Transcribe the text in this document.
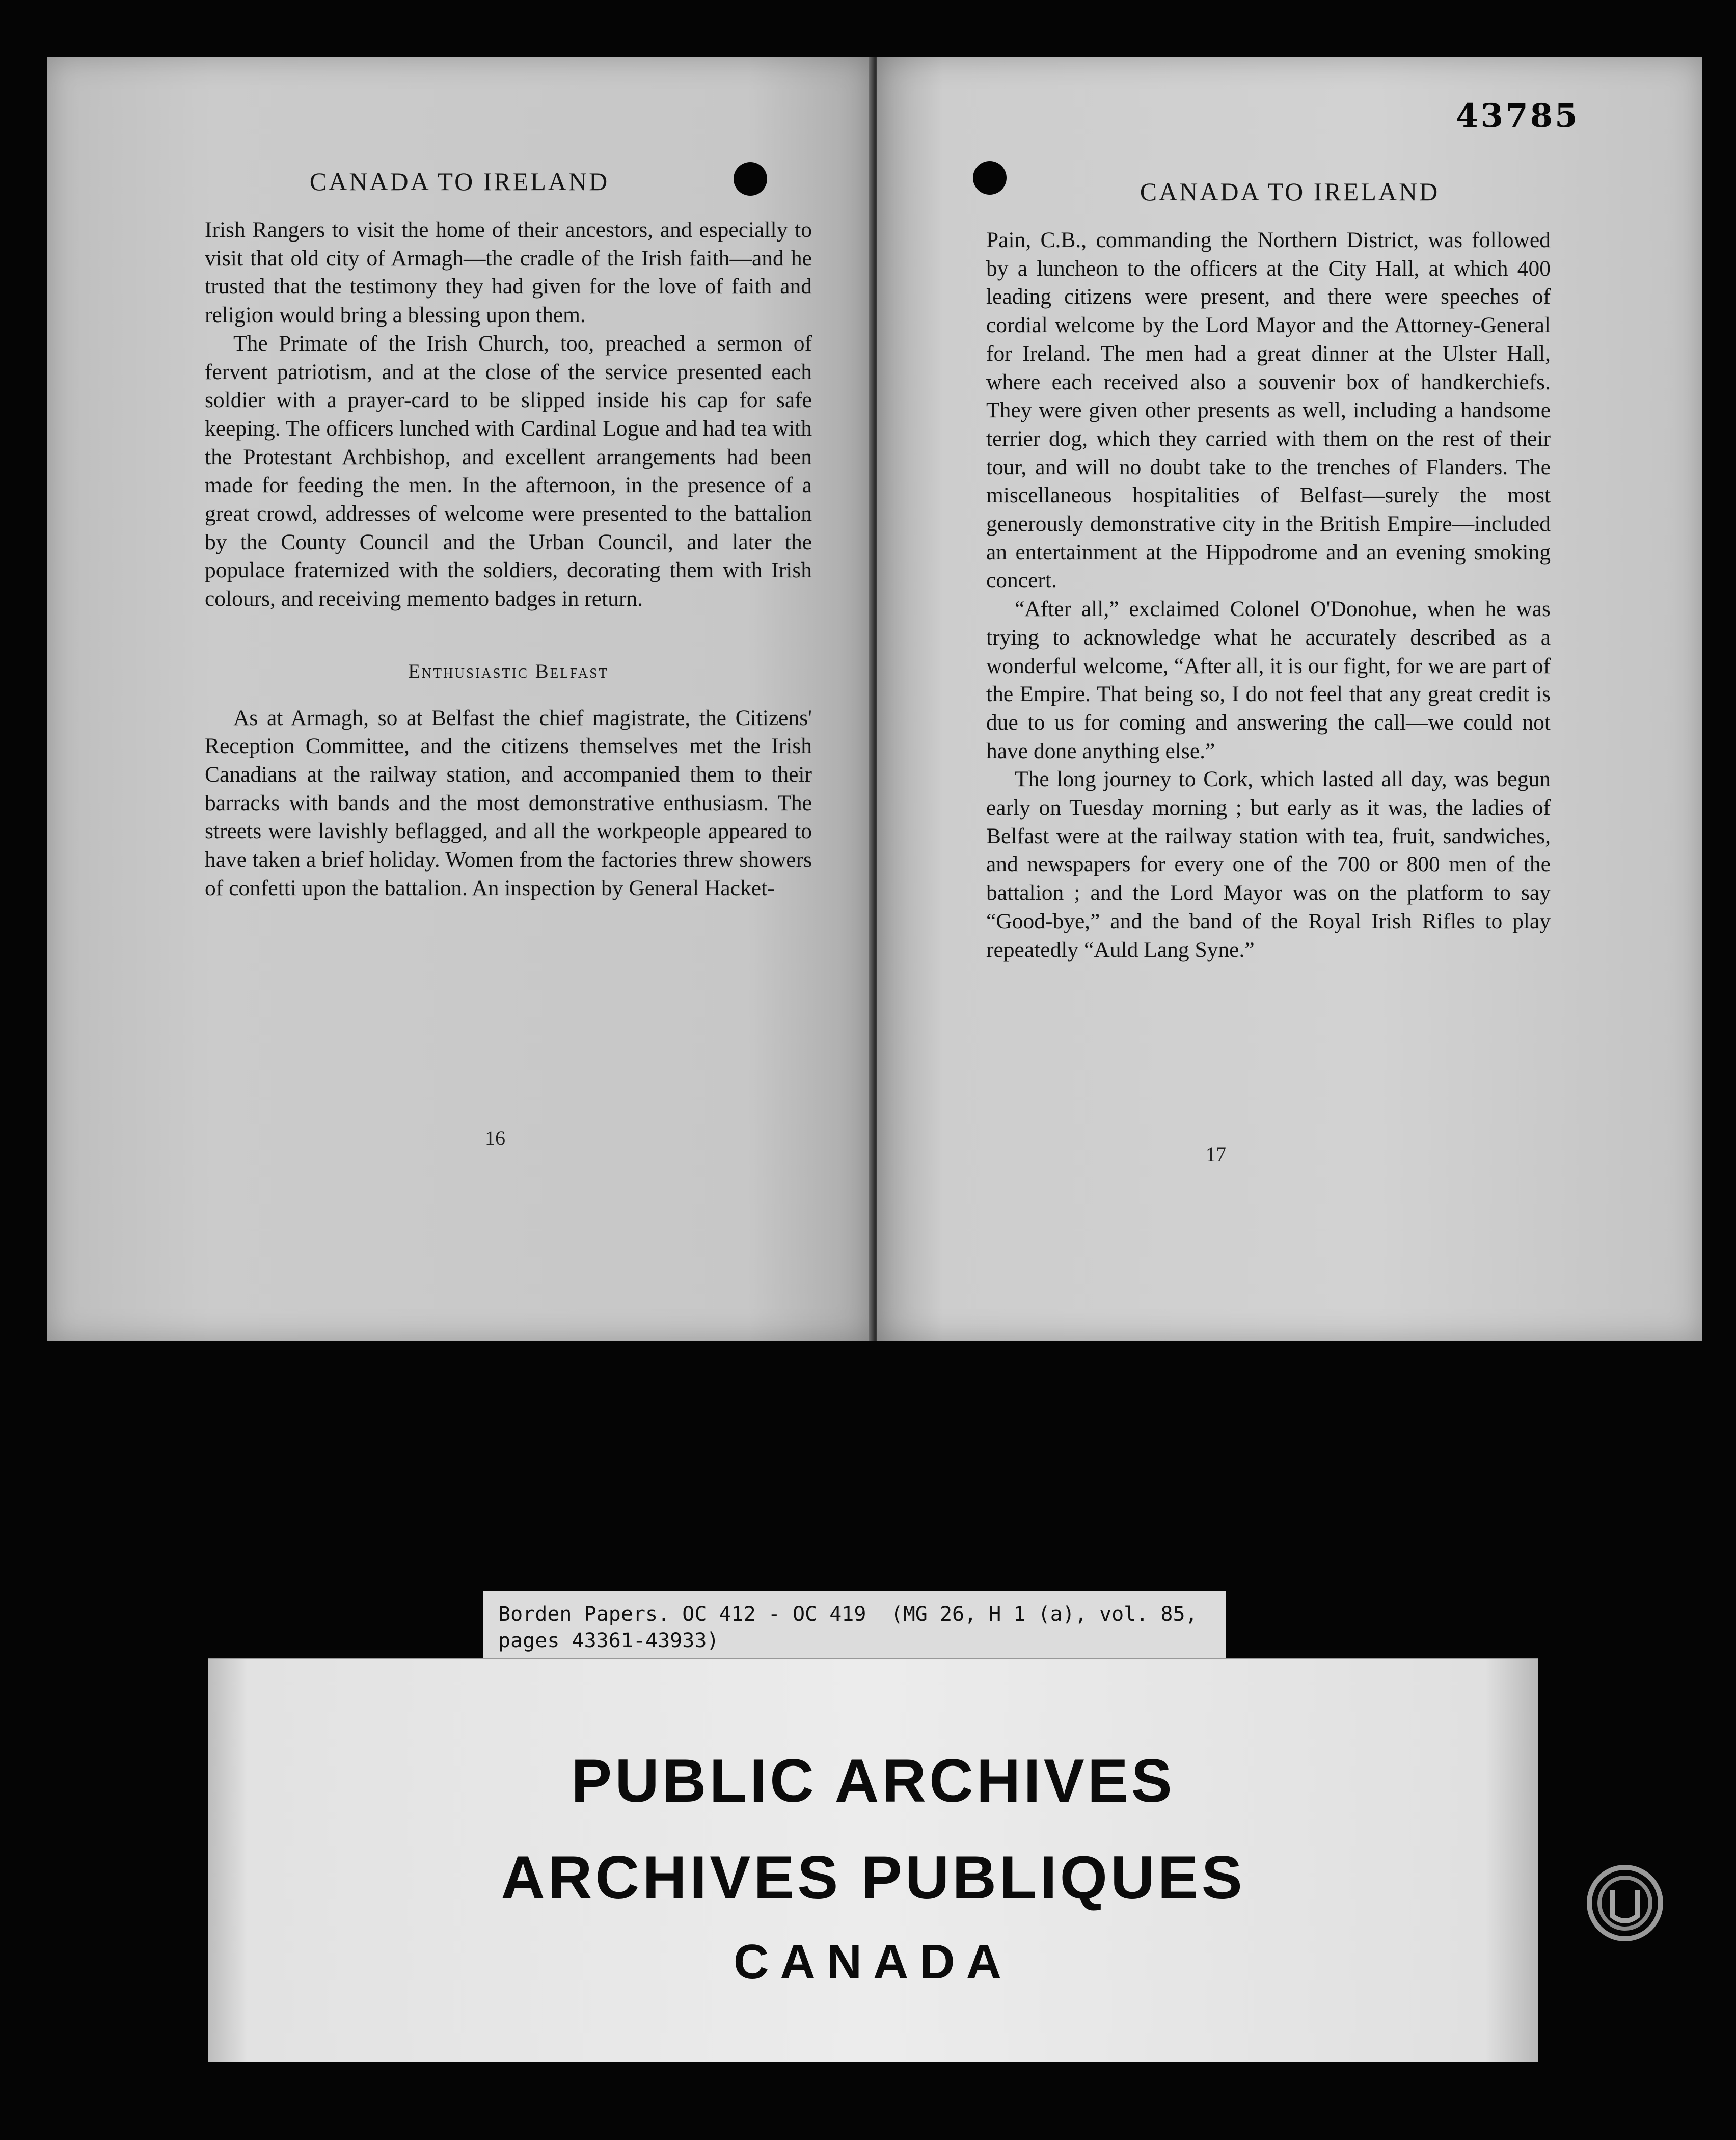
CANADA TO IRELAND

Irish Rangers to visit the home of their ancestors, and especially to visit that old city of Armagh—the cradle of the Irish faith—and he trusted that the testimony they had given for the love of faith and religion would bring a blessing upon them.

The Primate of the Irish Church, too, preached a sermon of fervent patriotism, and at the close of the service presented each soldier with a prayer-card to be slipped inside his cap for safe keeping. The officers lunched with Cardinal Logue and had tea with the Protestant Archbishop, and excellent arrangements had been made for feeding the men. In the afternoon, in the presence of a great crowd, addresses of welcome were presented to the battalion by the County Council and the Urban Council, and later the populace fraternized with the soldiers, decorating them with Irish colours, and receiving memento badges in return.

Enthusiastic Belfast

As at Armagh, so at Belfast the chief magistrate, the Citizens' Reception Committee, and the citizens themselves met the Irish Canadians at the railway station, and accompanied them to their barracks with bands and the most demonstrative enthusiasm. The streets were lavishly beflagged, and all the workpeople appeared to have taken a brief holiday. Women from the factories threw showers of confetti upon the battalion. An inspection by General Hacket-

16
CANADA TO IRELAND

Pain, C.B., commanding the Northern District, was followed by a luncheon to the officers at the City Hall, at which 400 leading citizens were present, and there were speeches of cordial welcome by the Lord Mayor and the Attorney-General for Ireland. The men had a great dinner at the Ulster Hall, where each received also a souvenir box of handkerchiefs. They were given other presents as well, including a handsome terrier dog, which they carried with them on the rest of their tour, and will no doubt take to the trenches of Flanders. The miscellaneous hospitalities of Belfast—surely the most generously demonstrative city in the British Empire—included an entertainment at the Hippodrome and an evening smoking concert.

“After all,” exclaimed Colonel O'Donohue, when he was trying to acknowledge what he accurately described as a wonderful welcome, “After all, it is our fight, for we are part of the Empire. That being so, I do not feel that any great credit is due to us for coming and answering the call—we could not have done anything else.”

The long journey to Cork, which lasted all day, was begun early on Tuesday morning ; but early as it was, the ladies of Belfast were at the railway station with tea, fruit, sandwiches, and newspapers for every one of the 700 or 800 men of the battalion ; and the Lord Mayor was on the platform to say “Good-bye,” and the band of the Royal Irish Rifles to play repeatedly “Auld Lang Syne.”

17
43785
Borden Papers. OC 412 - OC 419  (MG 26, H 1 (a), vol. 85,
pages 43361-43933)
PUBLIC ARCHIVES
ARCHIVES PUBLIQUES
CANADA
